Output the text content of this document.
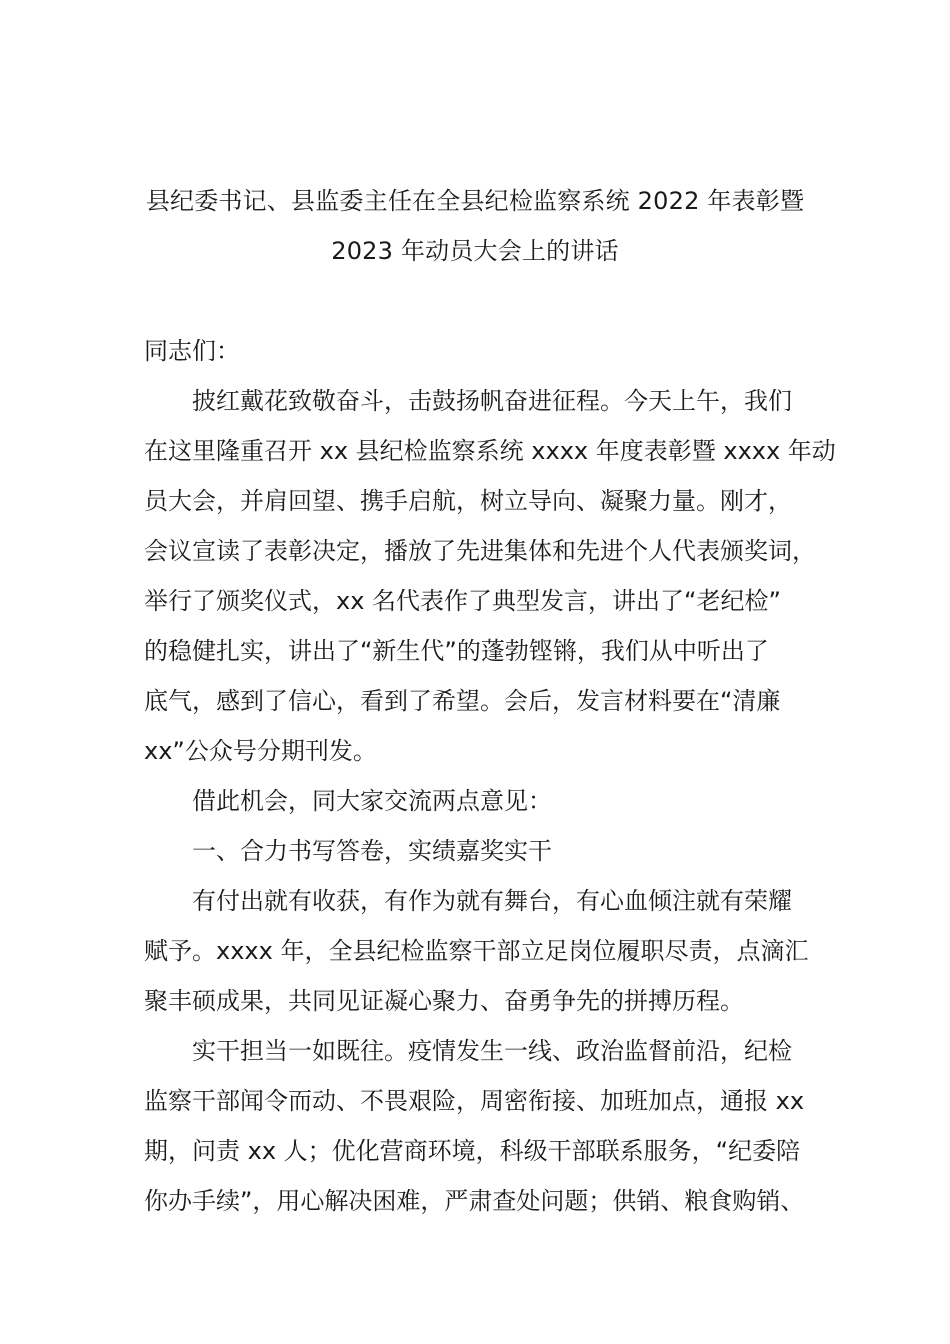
县纪委书记、县监委主任在全县纪检监察系统 2022 年表彰暨
2023 年动员大会上的讲话
同志们：
披红戴花致敬奋斗，击鼓扬帆奋进征程。今天上午，我们
在这里隆重召开 xx 县纪检监察系统 xxxx 年度表彰暨 xxxx 年动
员大会，并肩回望、携手启航，树立导向、凝聚力量。刚才，
会议宣读了表彰决定，播放了先进集体和先进个人代表颁奖词，
举行了颁奖仪式，xx 名代表作了典型发言，讲出了“老纪检”
的稳健扎实，讲出了“新生代”的蓬勃铿锵，我们从中听出了
底气，感到了信心，看到了希望。会后，发言材料要在“清廉
xx”公众号分期刊发。
借此机会，同大家交流两点意见：
一、合力书写答卷，实绩嘉奖实干
有付出就有收获，有作为就有舞台，有心血倾注就有荣耀
赋予。xxxx 年，全县纪检监察干部立足岗位履职尽责，点滴汇
聚丰硕成果，共同见证凝心聚力、奋勇争先的拼搏历程。
实干担当一如既往。疫情发生一线、政治监督前沿，纪检
监察干部闻令而动、不畏艰险，周密衔接、加班加点，通报 xx
期，问责 xx 人；优化营商环境，科级干部联系服务，“纪委陪
你办手续”，用心解决困难，严肃查处问题；供销、粮食购销、
